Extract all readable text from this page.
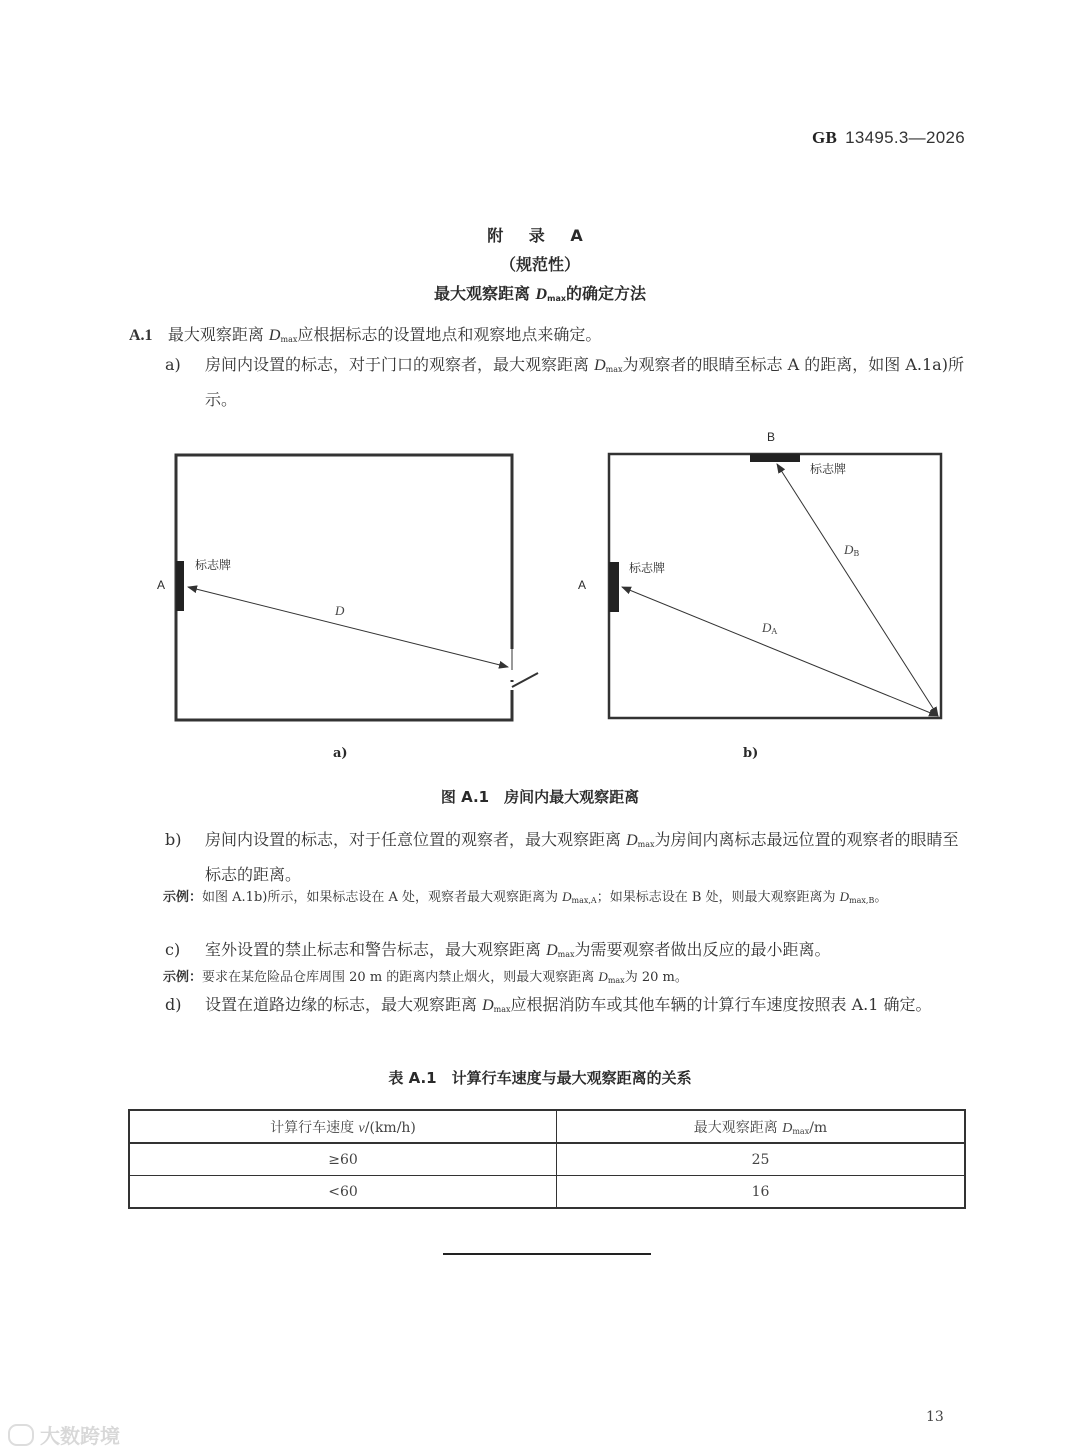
GB 13495.3—2026
附 录 A
（规范性）
最大观察距离 $D_{max}$的确定方法
A.1 最大观察距离 $D_{max}$应根据标志的设置地点和观察地点来确定。
a) 房间内设置的标志，对于门口的观察者，最大观察距离 $D_{max}$为观察者的眼睛至标志 A 的距离，如图 A.1a)所示。
A
标志牌
D
a)
B
标志牌
A
标志牌
$D_B$
$D_A$
b)
图 A.1　房间内最大观察距离
b) 房间内设置的标志，对于任意位置的观察者，最大观察距离 $D_{max}$为房间内离标志最远位置的观察者的眼睛至标志的距离。
示例：如图 A.1b)所示，如果标志设在 A 处，观察者最大观察距离为 $D_{max,A}$；如果标志设在 B 处，则最大观察距离为 $D_{max,B}$。
c) 室外设置的禁止标志和警告标志，最大观察距离 $D_{max}$为需要观察者做出反应的最小距离。
示例：要求在某危险品仓库周围 20 m 的距离内禁止烟火，则最大观察距离 $D_{max}$为 20 m。
d) 设置在道路边缘的标志，最大观察距离 $D_{max}$应根据消防车或其他车辆的计算行车速度按照表 A.1 确定。
表 A.1　计算行车速度与最大观察距离的关系
计算行车速度 v/(km/h)	最大观察距离 $D_{max}/m$
≥60	25
<60	16
13
大数跨境
